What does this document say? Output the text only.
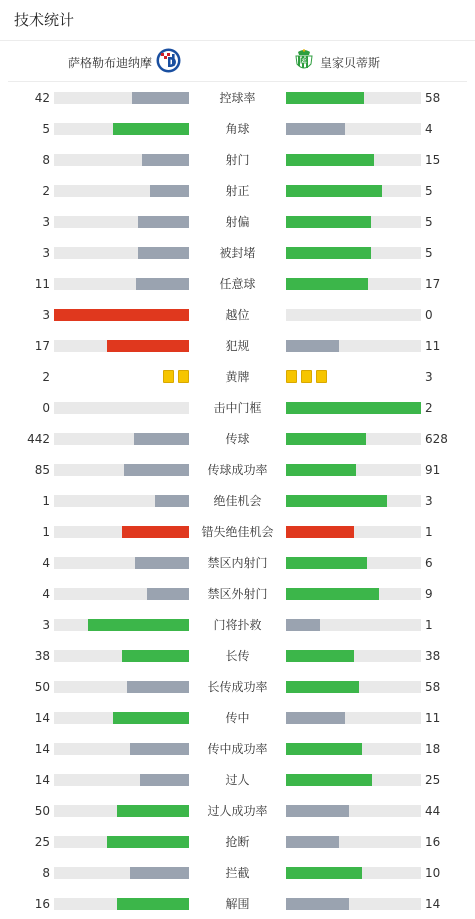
技术统计
萨格勒布迪纳摩	RB 皇家贝蒂斯
42	控球率	58
5	角球	4
8	射门	15
2	射正	5
3	射偏	5
3	被封堵	5
11	任意球	17
3	越位	0
17	犯规	11
2	黄牌	3
0	击中门框	2
442	传球	628
85	传球成功率	91
1	绝佳机会	3
1	错失绝佳机会	1
4	禁区内射门	6
4	禁区外射门	9
3	门将扑救	1
38	长传	38
50	长传成功率	58
14	传中	11
14	传中成功率	18
14	过人	25
50	过人成功率	44
25	抢断	16
8	拦截	10
16	解围	14
